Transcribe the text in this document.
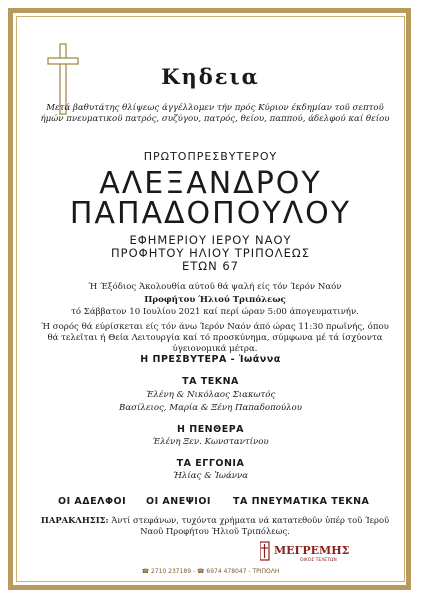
Κηδεια
Μετά βαθυτάτης θλίψεως άγγέλλομεν τήν πρός Κύριον έκδημίαν τοϋ σεπτοϋ ήμών πνευματικοϋ πατρός, συζύγου, πατρός, θείου, παππού, άδελφού καί θείου
ΠΡΩΤΟΠΡΕΣΒΥΤΕΡΟΥ
ΑΛΕΞΑΝΔΡΟΥ
ΠΑΠΑΔΟΠΟΥΛΟΥ
ΕΦΗΜΕΡΙΟΥ ΙΕΡΟΥ ΝΑΟΥ
ΠΡΟΦΗΤΟΥ ΗΛΙΟΥ ΤΡΙΠΟΛΕΩΣ
ΕΤΩΝ 67
Ή Έξόδιος Άκολουθία αύτοϋ θά ψαλή είς τόν Ίερόν Ναόν
Προφήτου Ήλιού Τριπόλεως
τό Σάββατον 10 Ιουλίου 2021 καί περί ώραν 5:00 άπογευματινήν.
Ή σορός θά εύρίσκεται είς τόν άνω Ίερόν Ναόν άπό ώρας 11:30 πρωϊνής, όπου θά τελεῖται ή Θεία Λειτουργία καί τό προσκύνημα, σύμφωνα μέ τά ίσχύοντα ύγειονομικά μέτρα.
Η ΠΡΕΣΒΥΤΕΡΑ - Ἰωάννα
ΤΑ ΤΕΚΝΑ
Έλένη & Νικόλαος Σιακωτός
Βασίλειος, Μαρία & Ξένη Παπαδοπούλου
Η ΠΕΝΘΕΡΑ
Έλένη Ξεν. Κωνσταντίνου
ΤΑ ΕΓΓΟΝΙΑ
Ήλίας & Ἰωάννα
ΟΙ ΑΔΕΛΦΟΙ ΟΙ ΑΝΕΨΙΟΙ ΤΑ ΠΝΕΥΜΑΤΙΚΑ ΤΕΚΝΑ
ΠΑΡΑΚΛΗΣΙΣ: Άντί στεφάνων, τυχόντα χρήματα νά κατατεθοῦν ὑπέρ τοῦ Ίεροῦ Ναοῦ Προφήτου Ήλιοῦ Τριπόλεως.
ΜΕΓΡΕΜΗΣ
ΟΙΚΟΣ ΤΕΛΕΤΩΝ
☎ 2710 237189 - ☎ 6974 478047 - ΤΡΙΠΟΛΗ
